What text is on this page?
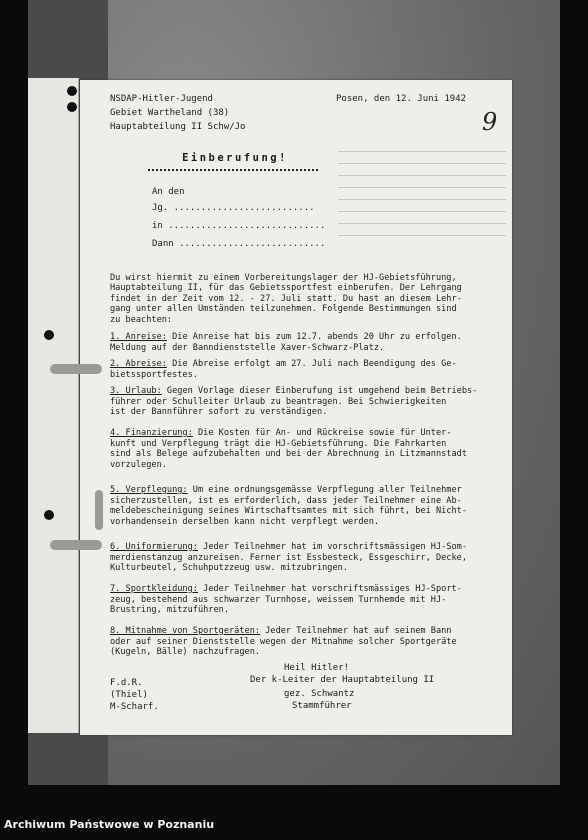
9
NSDAP-Hitler-Jugend
Gebiet Wartheland (38)
Hauptabteilung II Schw/Jo
Posen, den 12. Juni 1942
Einberufung!
An den
Jg. ..........................
in .............................
Dann ...........................

Du wirst hiermit zu einem Vorbereitungslager der HJ-Gebietsführung,
Hauptabteilung II, für das Gebietssportfest einberufen. Der Lehrgang
findet in der Zeit vom 12. - 27. Juli statt. Du hast an diesem Lehr-
gang unter allen Umständen teilzunehmen. Folgende Bestimmungen sind
zu beachten:

1. Anreise: Die Anreise hat bis zum 12.7. abends 20 Uhr zu erfolgen.
Meldung auf der Banndienststelle Xaver-Schwarz-Platz.
2. Abreise: Die Abreise erfolgt am 27. Juli nach Beendigung des Ge-
bietssportfestes.
3. Urlaub: Gegen Vorlage dieser Einberufung ist umgehend beim Betriebs-
führer oder Schulleiter Urlaub zu beantragen. Bei Schwierigkeiten
ist der Bannführer sofort zu verständigen.
4. Finanzierung: Die Kosten für An- und Rückreise sowie für Unter-
kunft und Verpflegung trägt die HJ-Gebietsführung. Die Fahrkarten
sind als Belege aufzubehalten und bei der Abrechnung in Litzmannstadt
vorzulegen.
5. Verpflegung: Um eine ordnungsgemässe Verpflegung aller Teilnehmer
sicherzustellen, ist es erforderlich, dass jeder Teilnehmer eine Ab-
meldebescheinigung seines Wirtschaftsamtes mit sich führt, bei Nicht-
vorhandensein derselben kann nicht verpflegt werden.
6. Uniformierung: Jeder Teilnehmer hat im vorschriftsmässigen HJ-Som-
merdienstanzug anzureisen. Ferner ist Essbesteck, Essgeschirr, Decke,
Kulturbeutel, Schuhputzzeug usw. mitzubringen.
7. Sportkleidung: Jeder Teilnehmer hat vorschriftsmässiges HJ-Sport-
zeug, bestehend aus schwarzer Turnhose, weissem Turnhemde mit HJ-
Brustring, mitzuführen.
8. Mitnahme von Sportgeräten: Jeder Teilnehmer hat auf seinem Bann
oder auf seiner Dienststelle wegen der Mitnahme solcher Sportgeräte
(Kugeln, Bälle) nachzufragen.
Heil Hitler!
Der k-Leiter der Hauptabteilung II
gez. Schwantz
Stammführer
F.d.R.
(Thiel)
M-Scharf.
Archiwum Państwowe w Poznaniu
